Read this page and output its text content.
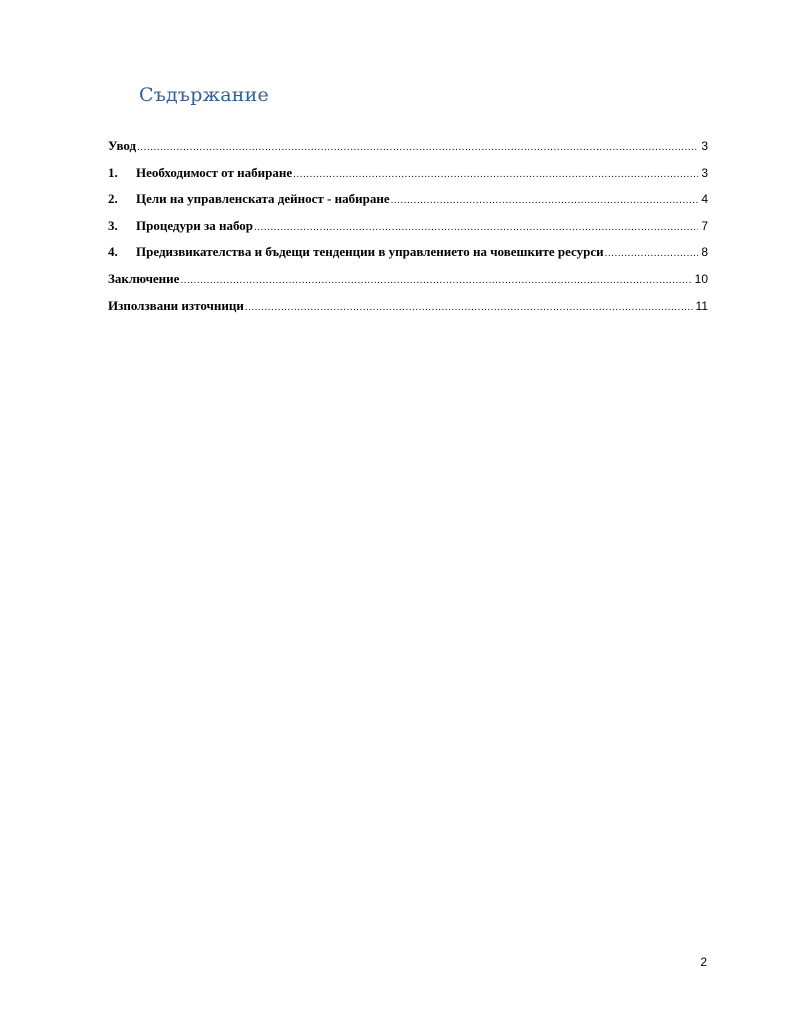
Съдържание
Увод .....	3
1.	Необходимост от набиране .....	3
2.	Цели на управленската дейност - набиране .....	4
3.	Процедури за набор .....	7
4.	Предизвикателства и бъдещи тенденции в управлението на човешките ресурси .....	8
Заключение .....	10
Използвани източници .....	11
2
